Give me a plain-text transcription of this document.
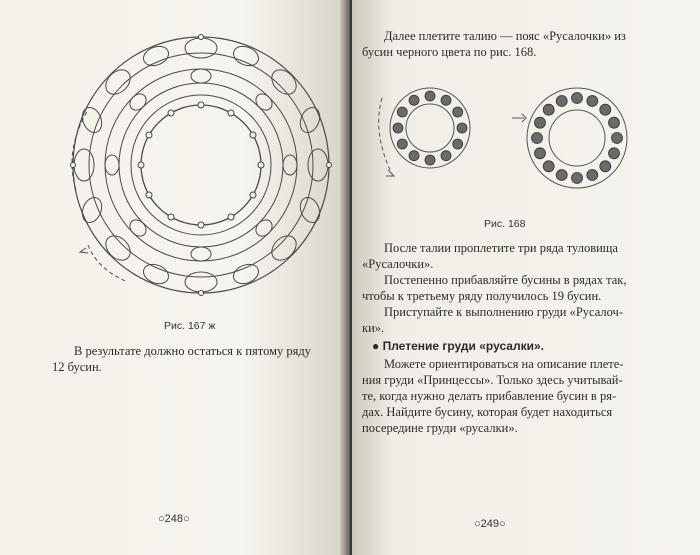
Рис. 167 ж
В результате должно остаться к пятому ряду
12 бусин.
○248○
Далее плетите талию — пояс «Русалочки» из
бусин черного цвета по рис. 168.
Рис. 168
После талии проплетите три ряда туловища
«Русалочки».
Постепенно прибавляйте бусины в рядах так,
чтобы к третьему ряду получилось 19 бусин.
Приступайте к выполнению груди «Русалоч-
ки».
● Плетение груди «русалки».
Можете ориентироваться на описание плете-
ния груди «Принцессы». Только здесь учитывай-
те, когда нужно делать прибавление бусин в ря-
дах. Найдите бусину, которая будет находиться
посередине груди «русалки».
○249○
